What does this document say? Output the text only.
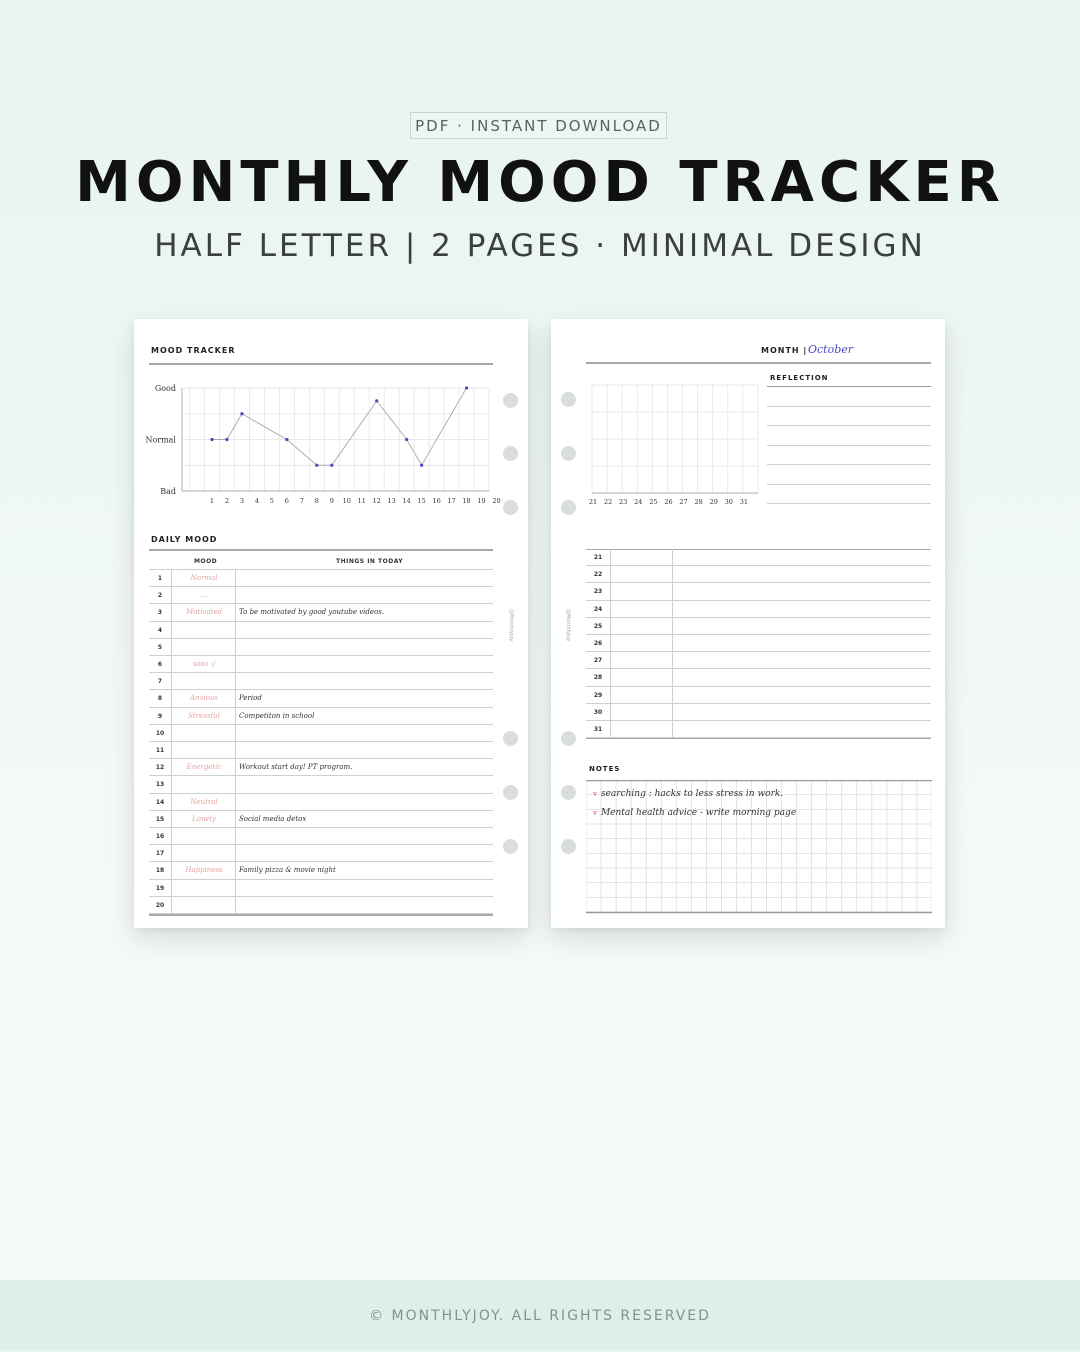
PDF · INSTANT DOWNLOAD
MONTHLY MOOD TRACKER
HALF LETTER | 2 PAGES · MINIMAL DESIGN
MOOD TRACKER
Bad
Normal
Good
1 2 3 4 5 6 7 8 9 10 11 12 13 14 15 16 17 18 19 20
DAILY MOOD
MOOD	THINGS IN TODAY
1	Normal
2	...
3	Motivated	To be motivated by good youtube videos.
4
5
6	soso :/
7
8	Anxious	Period
9	Stressful	Competiton in school
10
11
12	Energetic	Workout start day! PT program.
13
14	Neutral
15	Lonely	Social media detox
16
17
18	Happiness	Family pizza & movie night
19
20
@MonthlyJoy
MONTH | October
21 22 23 24 25 26 27 28 29 30 31
REFLECTION
21
22
23
24
25
26
27
28
29
30
31
NOTES
v searching : hacks to less stress in work.
v Mental health advice - write morning page
@MonthlyJoy
© MONTHLYJOY. ALL RIGHTS RESERVED
